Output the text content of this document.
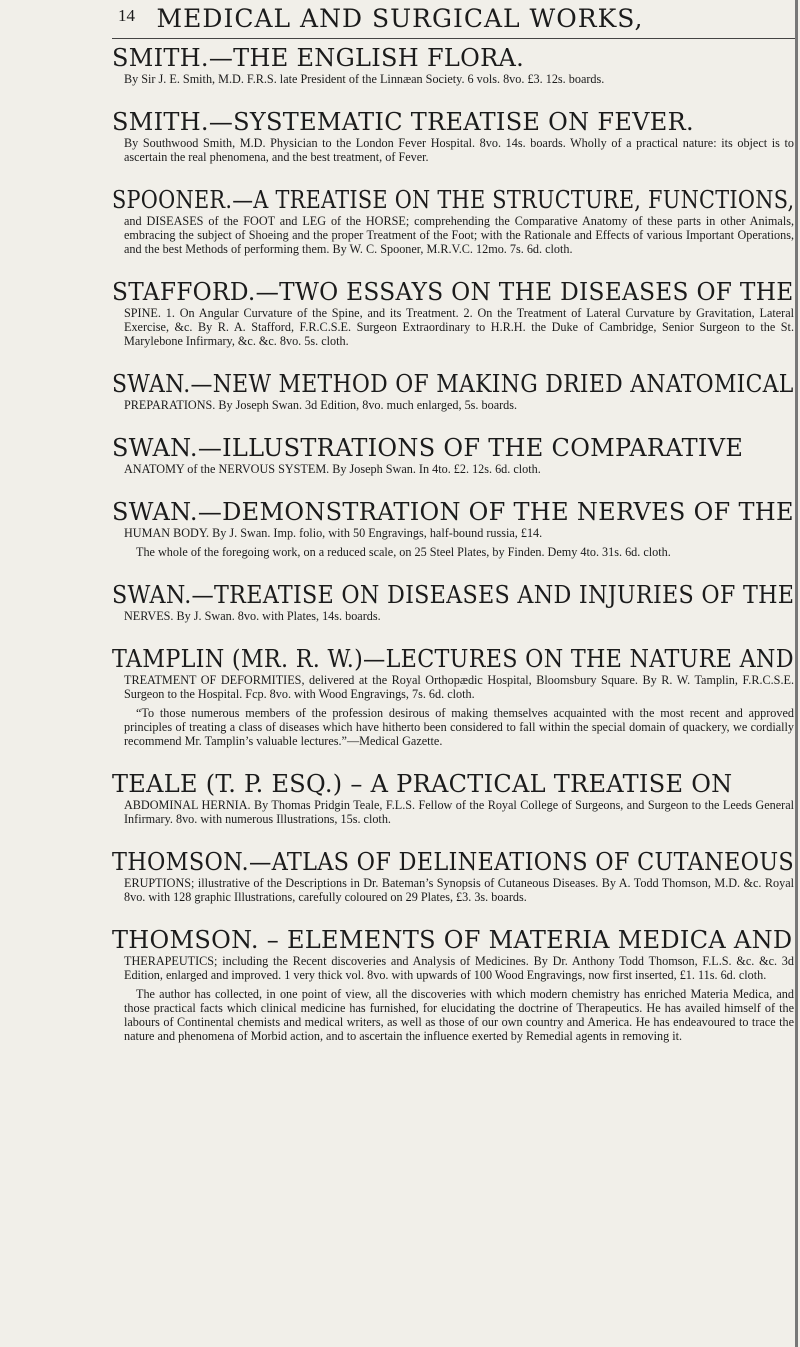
14 MEDICAL AND SURGICAL WORKS,
SMITH.—THE ENGLISH FLORA.

By Sir J. E. Smith, M.D. F.R.S. late President of the Linnæan Society. 6 vols. 8vo. £3. 12s. boards.

SMITH.—SYSTEMATIC TREATISE ON FEVER.

By Southwood Smith, M.D. Physician to the London Fever Hospital. 8vo. 14s. boards. Wholly of a practical nature: its object is to ascertain the real phenomena, and the best treatment, of Fever.

SPOONER.—A TREATISE ON THE STRUCTURE, FUNCTIONS,

and DISEASES of the FOOT and LEG of the HORSE; comprehending the Comparative Anatomy of these parts in other Animals, embracing the subject of Shoeing and the proper Treatment of the Foot; with the Rationale and Effects of various Important Operations, and the best Methods of performing them. By W. C. Spooner, M.R.V.C. 12mo. 7s. 6d. cloth.

STAFFORD.—TWO ESSAYS ON THE DISEASES OF THE

SPINE. 1. On Angular Curvature of the Spine, and its Treatment. 2. On the Treatment of Lateral Curvature by Gravitation, Lateral Exercise, &c. By R. A. Stafford, F.R.C.S.E. Surgeon Extraordinary to H.R.H. the Duke of Cambridge, Senior Surgeon to the St. Marylebone Infirmary, &c. &c. 8vo. 5s. cloth.

SWAN.—NEW METHOD OF MAKING DRIED ANATOMICAL

PREPARATIONS. By Joseph Swan. 3d Edition, 8vo. much enlarged, 5s. boards.

SWAN.—ILLUSTRATIONS OF THE COMPARATIVE

ANATOMY of the NERVOUS SYSTEM. By Joseph Swan. In 4to. £2. 12s. 6d. cloth.

SWAN.—DEMONSTRATION OF THE NERVES OF THE

HUMAN BODY. By J. Swan. Imp. folio, with 50 Engravings, half-bound russia, £14.

The whole of the foregoing work, on a reduced scale, on 25 Steel Plates, by Finden. Demy 4to. 31s. 6d. cloth.

SWAN.—TREATISE ON DISEASES AND INJURIES OF THE

NERVES. By J. Swan. 8vo. with Plates, 14s. boards.

TAMPLIN (MR. R. W.)—LECTURES ON THE NATURE AND

TREATMENT OF DEFORMITIES, delivered at the Royal Orthopædic Hospital, Bloomsbury Square. By R. W. Tamplin, F.R.C.S.E. Surgeon to the Hospital. Fcp. 8vo. with Wood Engravings, 7s. 6d. cloth.

“To those numerous members of the profession desirous of making themselves acquainted with the most recent and approved principles of treating a class of diseases which have hitherto been considered to fall within the special domain of quackery, we cordially recommend Mr. Tamplin’s valuable lectures.”—Medical Gazette.

TEALE (T. P. ESQ.) – A PRACTICAL TREATISE ON

ABDOMINAL HERNIA. By Thomas Pridgin Teale, F.L.S. Fellow of the Royal College of Surgeons, and Surgeon to the Leeds General Infirmary. 8vo. with numerous Illustrations, 15s. cloth.

THOMSON.—ATLAS OF DELINEATIONS OF CUTANEOUS

ERUPTIONS; illustrative of the Descriptions in Dr. Bateman’s Synopsis of Cutaneous Diseases. By A. Todd Thomson, M.D. &c. Royal 8vo. with 128 graphic Illustrations, carefully coloured on 29 Plates, £3. 3s. boards.

THOMSON. – ELEMENTS OF MATERIA MEDICA AND

THERAPEUTICS; including the Recent discoveries and Analysis of Medicines. By Dr. Anthony Todd Thomson, F.L.S. &c. &c. 3d Edition, enlarged and improved. 1 very thick vol. 8vo. with upwards of 100 Wood Engravings, now first inserted, £1. 11s. 6d. cloth.

The author has collected, in one point of view, all the discoveries with which modern chemistry has enriched Materia Medica, and those practical facts which clinical medicine has furnished, for elucidating the doctrine of Therapeutics. He has availed himself of the labours of Continental chemists and medical writers, as well as those of our own country and America. He has endeavoured to trace the nature and phenomena of Morbid action, and to ascertain the influence exerted by Remedial agents in removing it.
